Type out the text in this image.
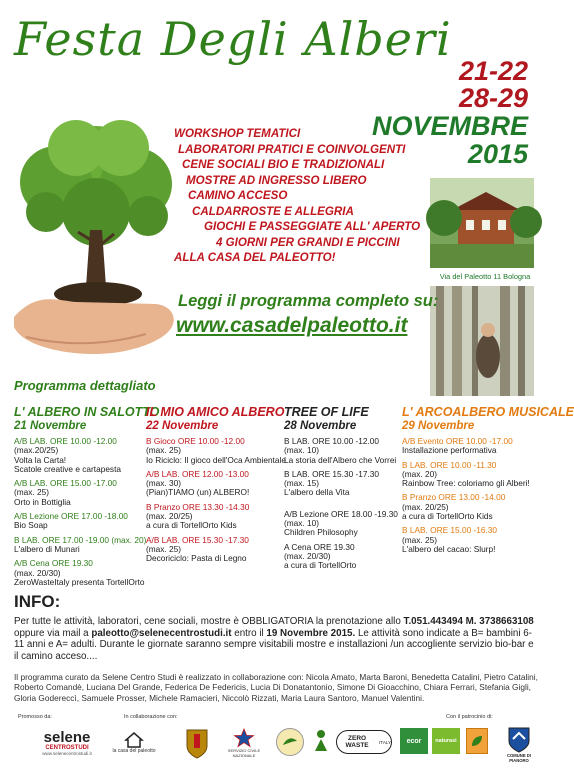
Festa Degli Alberi
21-22
28-29
NOVEMBRE
2015
WORKSHOP TEMATICI
LABORATORI PRATICI E COINVOLGENTI
CENE SOCIALI BIO E TRADIZIONALI
MOSTRE AD INGRESSO LIBERO
CAMINO ACCESO
CALDARROSTE E ALLEGRIA
GIOCHI E PASSEGGIATE ALL' APERTO
4 GIORNI PER GRANDI E PICCINI
ALLA CASA DEL PALEOTTO!
Via del Paleotto 11 Bologna
Leggi il programma completo su:
www.casadelpaleotto.it
Programma dettagliato
L' ALBERO IN SALOTTO
21 Novembre
A/B LAB. ORE 10.00 -12.00
(max.20/25)
Volta la Carta!
Scatole creative e cartapesta
A/B LAB. ORE 15.00 -17.00
(max. 25)
Orto in Bottiglia
A/B Lezione ORE 17.00 -18.00
Bio Soap
B LAB. ORE 17.00 -19.00 (max. 20)
L'albero di Munari
A/B Cena ORE 19.30
(max. 20/30)
ZeroWasteItaly presenta TortellOrto
IL MIO AMICO ALBERO
22 Novembre
B Gioco ORE 10.00 -12.00
(max. 25)
Io Riciclo: Il gioco dell'Oca Ambientale
A/B LAB. ORE 12.00 -13.00
(max. 30)
(Pian)TIAMO (un) ALBERO!
B Pranzo ORE 13.30 -14.30
(max. 20/25)
a cura di TortellOrto Kids
A/B LAB. ORE 15.30 -17.30
(max. 25)
Decoriciclo: Pasta di Legno
TREE OF LIFE
28 Novembre
B LAB. ORE 10.00 -12.00
(max. 10)
La storia dell'Albero che Vorrei
B LAB. ORE 15.30 -17.30
(max. 15)
L'albero della Vita
A/B Lezione ORE 18.00 -19.30
(max. 10)
Children Philosophy
A Cena ORE 19.30
(max. 20/30)
a cura di TortellOrto
L' ARCOALBERO MUSICALE
29 Novembre
A/B Evento ORE 10.00 -17.00
Installazione performativa
B LAB. ORE 10.00 -11.30
(max. 20)
Rainbow Tree: coloriamo gli Alberi!
B Pranzo ORE 13.00 -14.00
(max. 20/25)
a cura di TortellOrto Kids
B LAB. ORE 15.00 -16.30
(max. 25)
L'albero del cacao: Slurp!
INFO:

Per tutte le attività, laboratori, cene sociali, mostre è OBBLIGATORIA la prenotazione allo T.051.443494 M. 3738663108 oppure via mail a paleotto@selenecentrostudi.it entro il 19 Novembre 2015. Le attività sono indicate a B= bambini 6-11 anni e A= adulti. Durante le giornate saranno sempre visitabili mostre e installazioni /un accogliente servizio bio-bar e il camino acceso....

Il programma curato da Selene Centro Studi è realizzato in collaborazione con: Nicola Amato, Marta Baroni, Benedetta Catalini, Pietro Catalini, Roberto Comandè, Luciana Del Grande, Federica De Federicis, Lucia Di Donatantonio, Simone Di Gioacchino, Chiara Ferrari, Stefania Gigli, Gloria Godereccì, Samuele Prosser, Michele Ramacieri, Niccolò Rizzati, Maria Laura Santoro, Manuel Valentini.

Promosso da:	In collaborazione con:	Con il patrocinio di:
selene
CENTROSTUDI
www.selenecentrostudi.it	la casa del paleotto	SERVIZIO CIVILE NAZIONALE
ZERO WASTE	ITALY	ecor	naturasì
COMUNE DI PIANORO
